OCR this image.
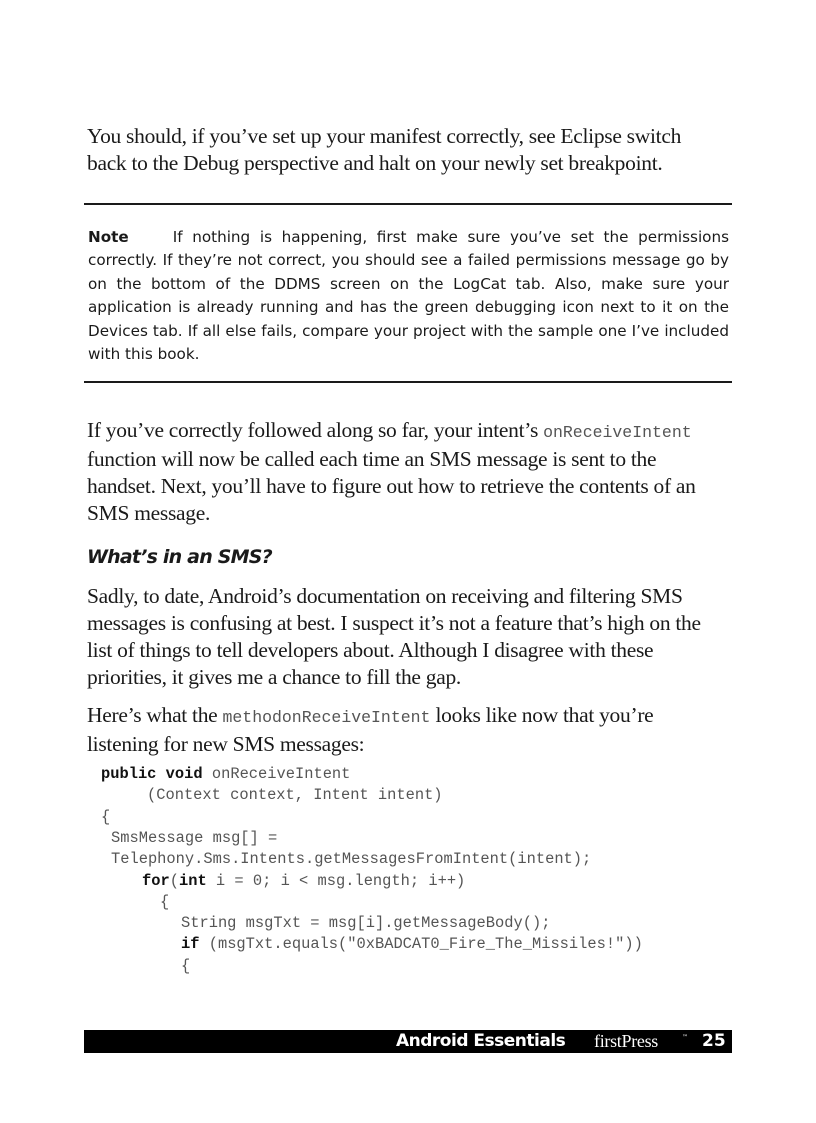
You should, if you’ve set up your manifest correctly, see Eclipse switch
back to the Debug perspective and halt on your newly set breakpoint.

Note	If nothing is happening, first make sure you’ve set the permissions correctly. If they’re not correct, you should see a failed permissions message go by on the bottom of the DDMS screen on the LogCat tab. Also, make sure your application is already running and has the green debugging icon next to it on the Devices tab. If all else fails, compare your project with the sample one I’ve included with this book.

If you’ve correctly followed along so far, your intent’s onReceiveIntent
function will now be called each time an SMS message is sent to the
handset. Next, you’ll have to figure out how to retrieve the contents of an
SMS message.

What’s in an SMS?

Sadly, to date, Android’s documentation on receiving and filtering SMS
messages is confusing at best. I suspect it’s not a feature that’s high on the
list of things to tell developers about. Although I disagree with these
priorities, it gives me a chance to fill the gap.

Here’s what the methodonReceiveIntent looks like now that you’re
listening for new SMS messages:

public void onReceiveIntent
(Context context, Intent intent)
{
SmsMessage msg[] =
Telephony.Sms.Intents.getMessagesFromIntent(intent);
for(int i = 0; i < msg.length; i++)
{
String msgTxt = msg[i].getMessageBody();
if (msgTxt.equals("0xBADCAT0_Fire_The_Missiles!"))
{
Android Essentials firstPress	™ 25
